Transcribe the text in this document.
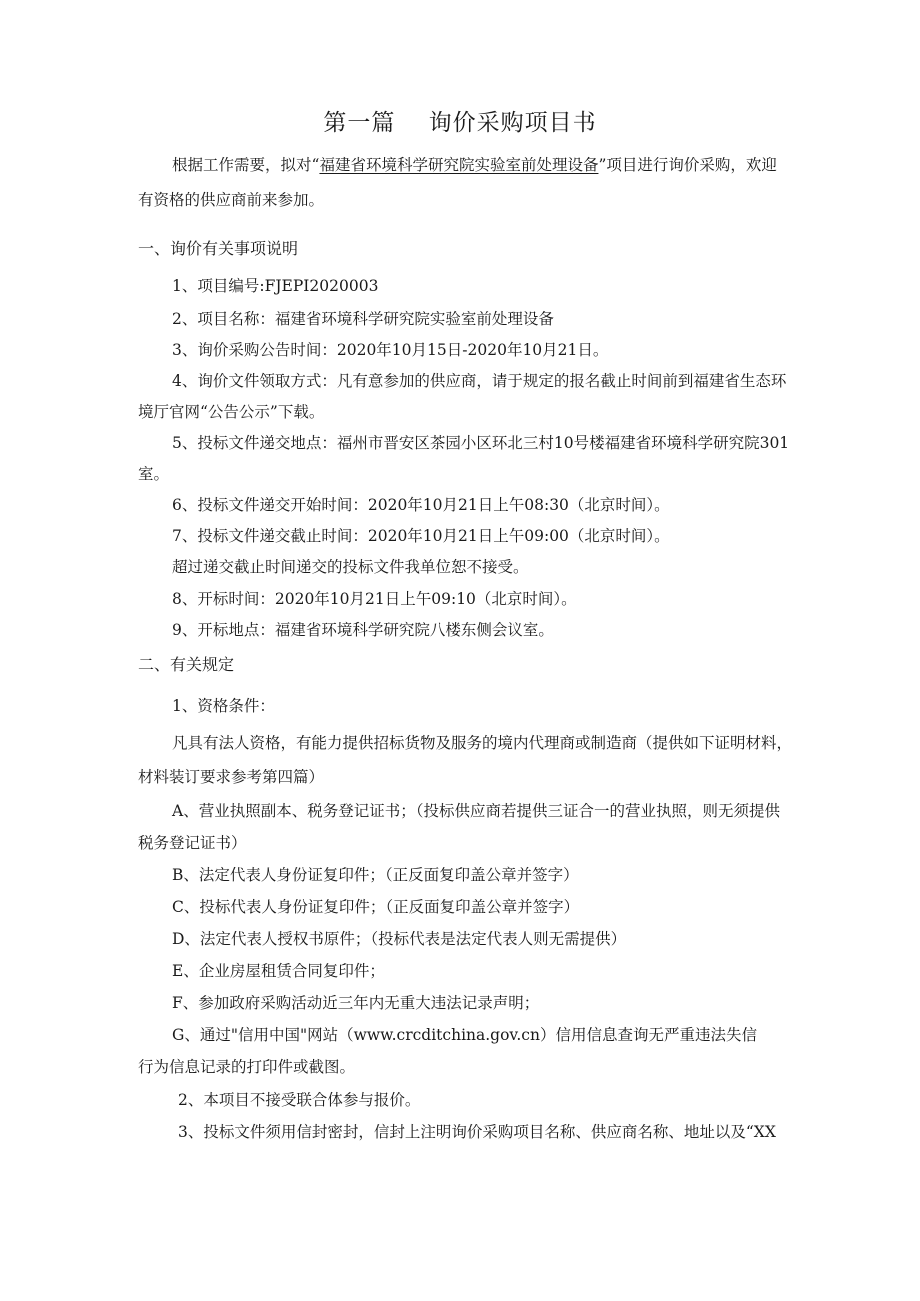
第一篇    询价采购项目书
根据工作需要，拟对“福建省环境科学研究院实验室前处理设备”项目进行询价采购，欢迎
有资格的供应商前来参加。
一、询价有关事项说明
1、项目编号:FJEPI2020003
2、项目名称：福建省环境科学研究院实验室前处理设备
3、询价采购公告时间：2020年10月15日-2020年10月21日。
4、询价文件领取方式：凡有意参加的供应商，请于规定的报名截止时间前到福建省生态环
境厅官网“公告公示”下载。
5、投标文件递交地点：福州市晋安区茶园小区环北三村10号楼福建省环境科学研究院301
室。
6、投标文件递交开始时间：2020年10月21日上午08:30（北京时间）。
7、投标文件递交截止时间：2020年10月21日上午09:00（北京时间）。
超过递交截止时间递交的投标文件我单位恕不接受。
8、开标时间：2020年10月21日上午09:10（北京时间）。
9、开标地点：福建省环境科学研究院八楼东侧会议室。
二、有关规定
1、资格条件：
凡具有法人资格，有能力提供招标货物及服务的境内代理商或制造商（提供如下证明材料，
材料装订要求参考第四篇）
A、营业执照副本、税务登记证书；（投标供应商若提供三证合一的营业执照，则无须提供
税务登记证书）
B、法定代表人身份证复印件；（正反面复印盖公章并签字）
C、投标代表人身份证复印件；（正反面复印盖公章并签字）
D、法定代表人授权书原件；（投标代表是法定代表人则无需提供）
E、企业房屋租赁合同复印件；
F、参加政府采购活动近三年内无重大违法记录声明；
G、通过"信用中国"网站（www.crcditchina.gov.cn）信用信息查询无严重违法失信
行为信息记录的打印件或截图。
2、本项目不接受联合体参与报价。
3、投标文件须用信封密封，信封上注明询价采购项目名称、供应商名称、地址以及“XX
